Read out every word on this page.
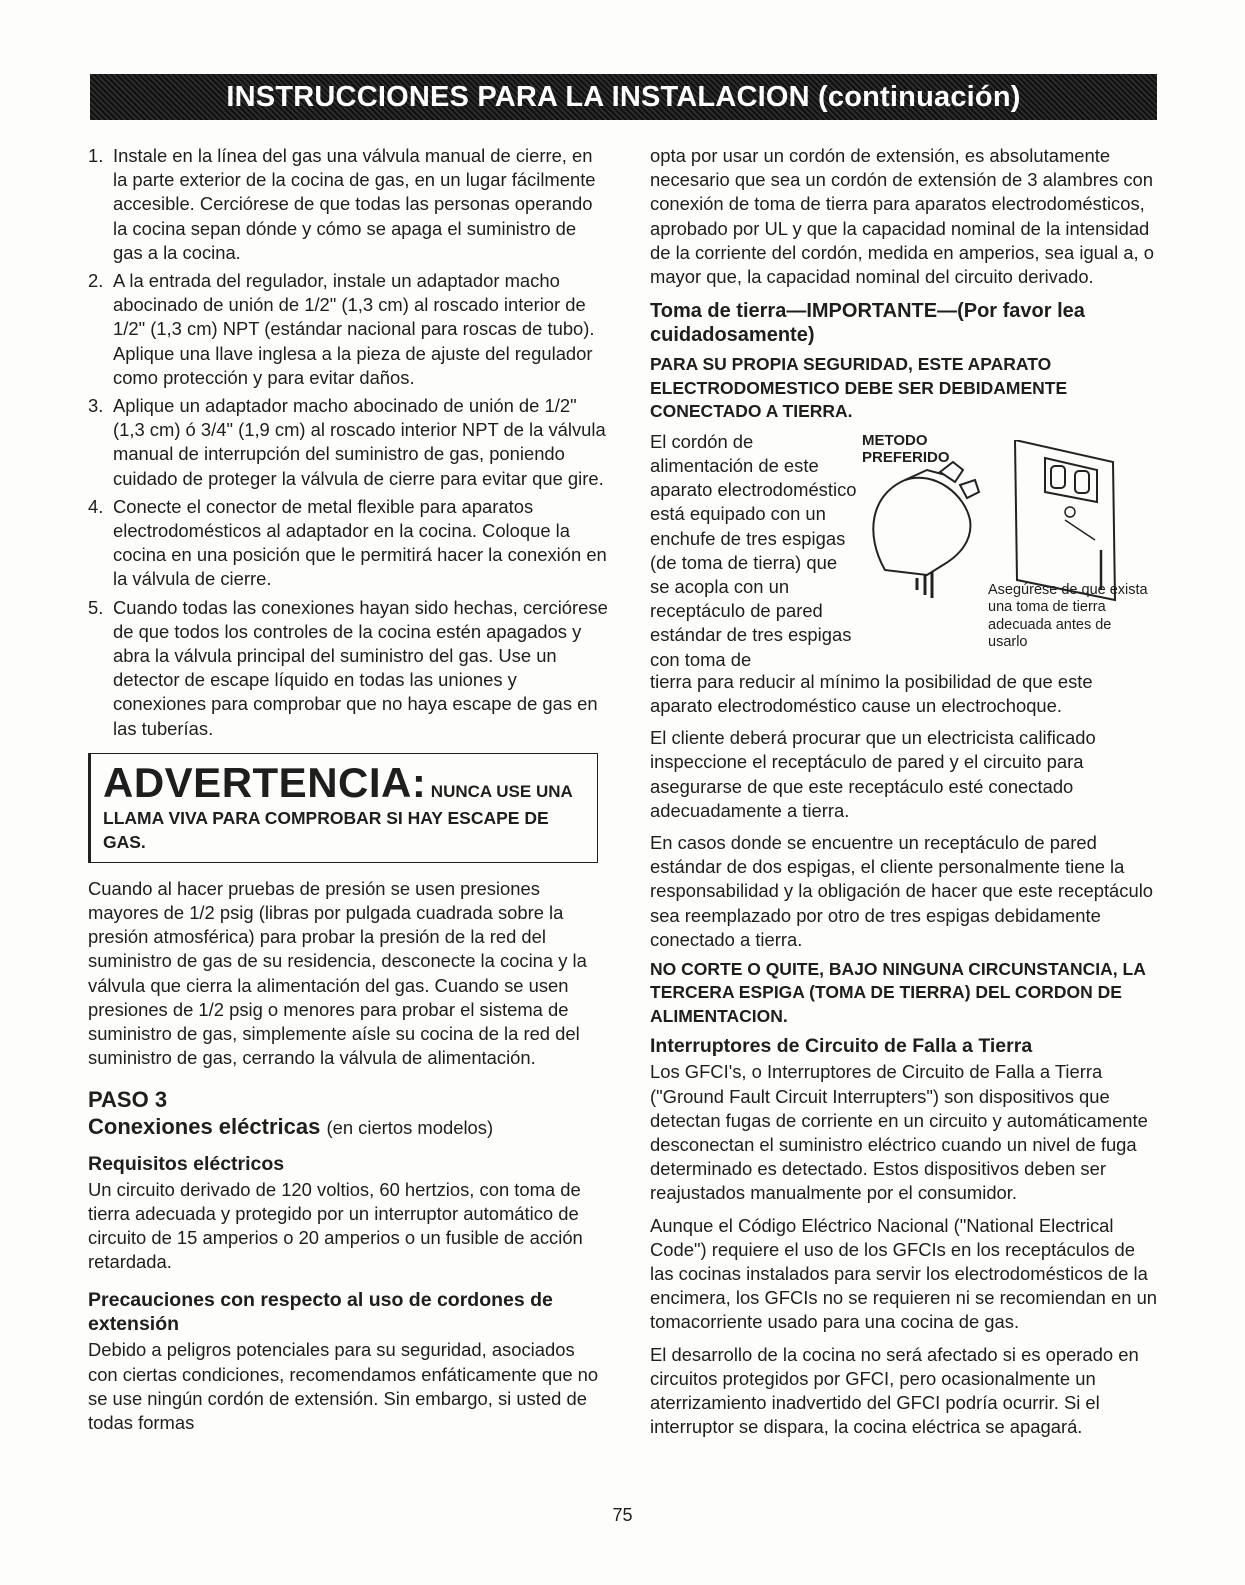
INSTRUCCIONES PARA LA INSTALACION (continuación)
1. Instale en la línea del gas una válvula manual de cierre, en la parte exterior de la cocina de gas, en un lugar fácilmente accesible. Cerciórese de que todas las personas operando la cocina sepan dónde y cómo se apaga el suministro de gas a la cocina.
2. A la entrada del regulador, instale un adaptador macho abocinado de unión de 1/2" (1,3 cm) al roscado interior de 1/2" (1,3 cm) NPT (estándar nacional para roscas de tubo). Aplique una llave inglesa a la pieza de ajuste del regulador como protección y para evitar daños.
3. Aplique un adaptador macho abocinado de unión de 1/2" (1,3 cm) ó 3/4" (1,9 cm) al roscado interior NPT de la válvula manual de interrupción del suministro de gas, poniendo cuidado de proteger la válvula de cierre para evitar que gire.
4. Conecte el conector de metal flexible para aparatos electrodomésticos al adaptador en la cocina. Coloque la cocina en una posición que le permitirá hacer la conexión en la válvula de cierre.
5. Cuando todas las conexiones hayan sido hechas, cerciórese de que todos los controles de la cocina estén apagados y abra la válvula principal del suministro del gas. Use un detector de escape líquido en todas las uniones y conexiones para comprobar que no haya escape de gas en las tuberías.
ADVERTENCIA: NUNCA USE UNA
LLAMA VIVA PARA COMPROBAR SI HAY ESCAPE DE GAS.

Cuando al hacer pruebas de presión se usen presiones mayores de 1/2 psig (libras por pulgada cuadrada sobre la presión atmosférica) para probar la presión de la red del suministro de gas de su residencia, desconecte la cocina y la válvula que cierra la alimentación del gas. Cuando se usen presiones de 1/2 psig o menores para probar el sistema de suministro de gas, simplemente aísle su cocina de la red del suministro de gas, cerrando la válvula de alimentación.

PASO 3
Conexiones eléctricas (en ciertos modelos)
Requisitos eléctricos

Un circuito derivado de 120 voltios, 60 hertzios, con toma de tierra adecuada y protegido por un interruptor automático de circuito de 15 amperios o 20 amperios o un fusible de acción retardada.

Precauciones con respecto al uso de cordones de extensión

Debido a peligros potenciales para su seguridad, asociados con ciertas condiciones, recomendamos enfáticamente que no se use ningún cordón de extensión. Sin embargo, si usted de todas formas

opta por usar un cordón de extensión, es absolutamente necesario que sea un cordón de extensión de 3 alambres con conexión de toma de tierra para aparatos electrodomésticos, aprobado por UL y que la capacidad nominal de la intensidad de la corriente del cordón, medida en amperios, sea igual a, o mayor que, la capacidad nominal del circuito derivado.

Toma de tierra—IMPORTANTE—(Por favor lea cuidadosamente)
PARA SU PROPIA SEGURIDAD, ESTE APARATO ELECTRODOMESTICO DEBE SER DEBIDAMENTE CONECTADO A TIERRA.

El cordón de alimentación de este aparato electrodoméstico está equipado con un enchufe de tres espigas (de toma de tierra) que se acopla con un receptáculo de pared estándar de tres espigas con toma de

METODO PREFERIDO
Asegúrese de que exista una toma de tierra adecuada antes de usarlo

tierra para reducir al mínimo la posibilidad de que este aparato electrodoméstico cause un electrochoque.

El cliente deberá procurar que un electricista calificado inspeccione el receptáculo de pared y el circuito para asegurarse de que este receptáculo esté conectado adecuadamente a tierra.

En casos donde se encuentre un receptáculo de pared estándar de dos espigas, el cliente personalmente tiene la responsabilidad y la obligación de hacer que este receptáculo sea reemplazado por otro de tres espigas debidamente conectado a tierra.

NO CORTE O QUITE, BAJO NINGUNA CIRCUNSTANCIA, LA TERCERA ESPIGA (TOMA DE TIERRA) DEL CORDON DE ALIMENTACION.
Interruptores de Circuito de Falla a Tierra

Los GFCI's, o Interruptores de Circuito de Falla a Tierra ("Ground Fault Circuit Interrupters") son dispositivos que detectan fugas de corriente en un circuito y automáticamente desconectan el suministro eléctrico cuando un nivel de fuga determinado es detectado. Estos dispositivos deben ser reajustados manualmente por el consumidor.

Aunque el Código Eléctrico Nacional ("National Electrical Code") requiere el uso de los GFCIs en los receptáculos de las cocinas instalados para servir los electrodomésticos de la encimera, los GFCIs no se requieren ni se recomiendan en un tomacorriente usado para una cocina de gas.

El desarrollo de la cocina no será afectado si es operado en circuitos protegidos por GFCI, pero ocasionalmente un aterrizamiento inadvertido del GFCI podría ocurrir. Si el interruptor se dispara, la cocina eléctrica se apagará.

75
